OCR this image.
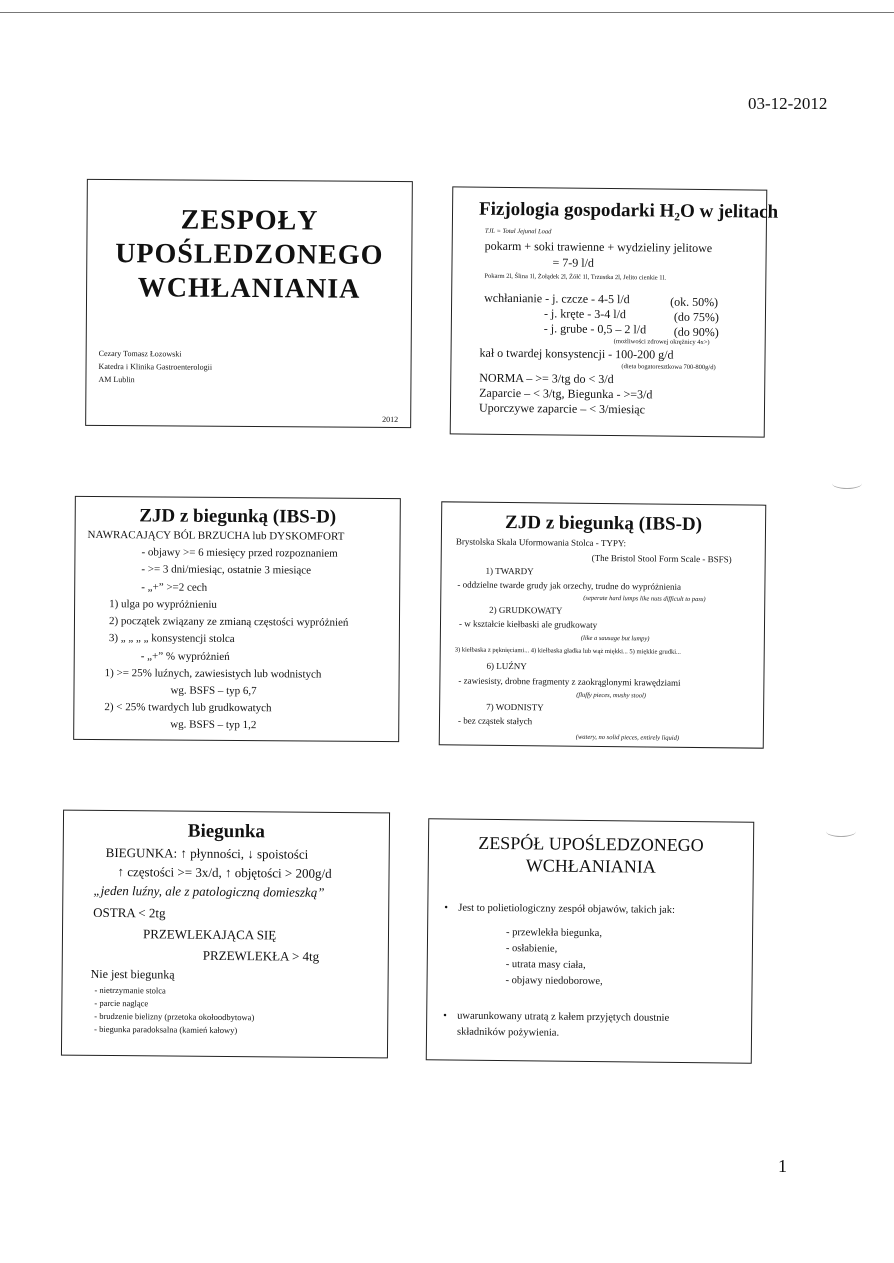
03-12-2012
ZESPOŁY
UPOŚLEDZONEGO
WCHŁANIANIA
Cezary Tomasz Łozowski
Katedra i Klinika Gastroenterologii
AM Lublin
2012
Fizjologia gospodarki H₂O w jelitach
TJL = Total Jejunal Load
pokarm + soki trawienne + wydzieliny jelitowe
= 7-9 l/d
Pokarm 2l, Ślina 1l, Żołądek 2l, Żółć 1l, Trzustka 2l, Jelito cienkie 1l.
wchłanianie - j. czcze - 4-5 l/d	(ok. 50%)
- j. kręte - 3-4 l/d	(do 75%)
- j. grube - 0,5 – 2 l/d (do 90%)
(możliwości zdrowej okrężnicy 4x>)
kał o twardej konsystencji - 100-200 g/d
(dieta bogatoresztkowa 700-800g/d)
NORMA – >= 3/tg do < 3/d
Zaparcie – < 3/tg, Biegunka - >=3/d
Uporczywe zaparcie – < 3/miesiąc
ZJD z biegunką (IBS-D)
NAWRACAJĄCY BÓL BRZUCHA lub DYSKOMFORT
- objawy >= 6 miesięcy przed rozpoznaniem
- >= 3 dni/miesiąc, ostatnie 3 miesiące
- „+” >=2 cech
1) ulga po wypróżnieniu
2) początek związany ze zmianą częstości wypróżnień
3) „ „ „ „ konsystencji stolca
- „+” % wypróżnień
1) >= 25% luźnych, zawiesistych lub wodnistych
wg. BSFS – typ 6,7
2) < 25% twardych lub grudkowatych
wg. BSFS – typ 1,2
ZJD z biegunką (IBS-D)
Brystolska Skala Uformowania Stolca - TYPY:
(The Bristol Stool Form Scale - BSFS)
1) TWARDY
- oddzielne twarde grudy jak orzechy, trudne do wypróżnienia
(seperate hard lumps like nuts difficult to pass)
2) GRUDKOWATY
- w kształcie kiełbaski ale grudkowaty
(like a sausage but lumpy)
3) kiełbaska z pęknięciami... 4) kiełbaska gładka lub wąż miękki... 5) miękkie grudki...
6) LUŹNY
- zawiesisty, drobne fragmenty z zaokrąglonymi krawędziami
(fluffy pieces, mushy stool)
7) WODNISTY
- bez cząstek stałych
(watery, no solid pieces, entirely liquid)
Biegunka
BIEGUNKA: ↑ płynności, ↓ spoistości
↑ częstości >= 3x/d, ↑ objętości > 200g/d
„jeden luźny, ale z patologiczną domieszką”
OSTRA < 2tg
PRZEWLEKAJĄCA SIĘ
PRZEWLEKŁA > 4tg
Nie jest biegunką
- nietrzymanie stolca
- parcie naglące
- brudzenie bielizny (przetoka okołoodbytowa)
- biegunka paradoksalna (kamień kałowy)
ZESPÓŁ UPOŚLEDZONEGO
WCHŁANIANIA
• Jest to polietiologiczny zespół objawów, takich jak:
- przewlekła biegunka,
- osłabienie,
- utrata masy ciała,
- objawy niedoborowe,
• uwarunkowany utratą z kałem przyjętych doustnie
składników pożywienia.
1
